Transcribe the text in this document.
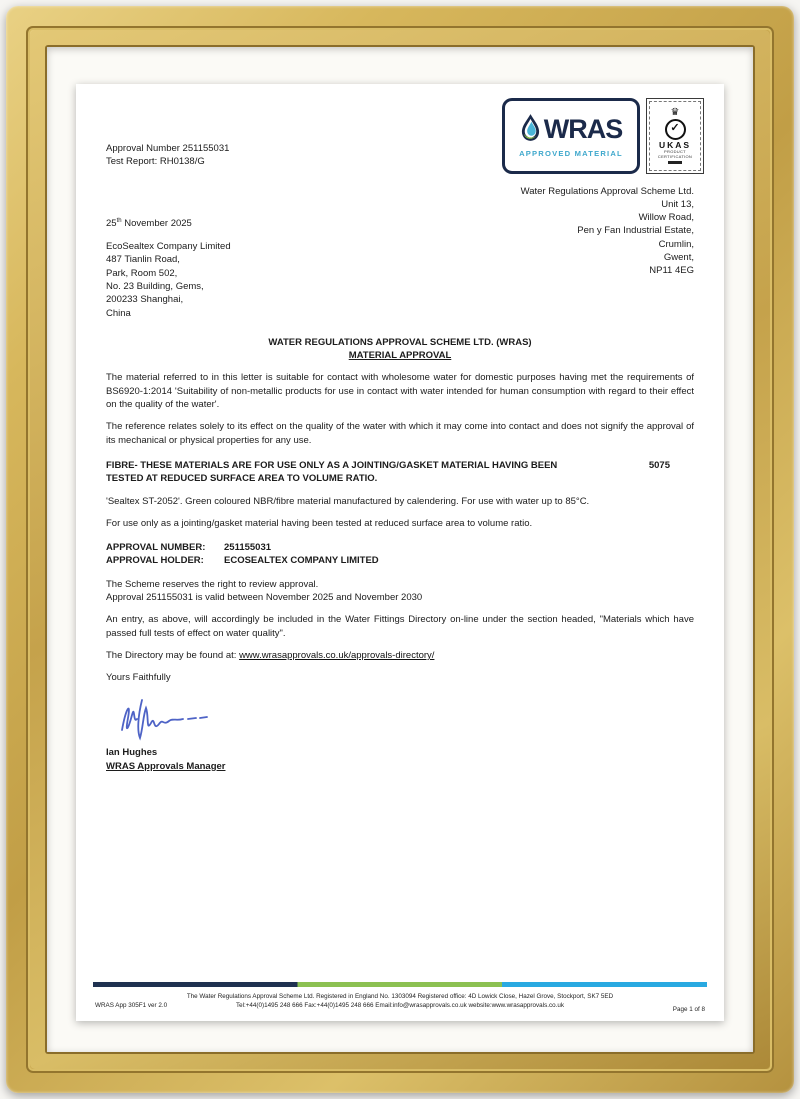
WRAS
APPROVED MATERIAL
♛
✓
UKAS
PRODUCT CERTIFICATION
Approval Number 251155031
Test Report: RH0138/G
25th November 2025
EcoSealtex Company Limited
487 Tianlin Road,
Park, Room 502,
No. 23 Building, Gems,
200233 Shanghai,
China
Water Regulations Approval Scheme Ltd.
Unit 13,
Willow Road,
Pen y Fan Industrial Estate,
Crumlin,
Gwent,
NP11 4EG
WATER REGULATIONS APPROVAL SCHEME LTD. (WRAS)
MATERIAL APPROVAL

The material referred to in this letter is suitable for contact with wholesome water for domestic purposes having met the requirements of BS6920-1:2014 'Suitability of non-metallic products for use in contact with water intended for human consumption with regard to their effect on the quality of the water'.

The reference relates solely to its effect on the quality of the water with which it may come into contact and does not signify the approval of its mechanical or physical properties for any use.

FIBRE- THESE MATERIALS ARE FOR USE ONLY AS A JOINTING/GASKET MATERIAL HAVING BEEN TESTED AT REDUCED SURFACE AREA TO VOLUME RATIO.
5075

'Sealtex ST-2052'. Green coloured NBR/fibre material manufactured by calendering. For use with water up to 85°C.

For use only as a jointing/gasket material having been tested at reduced surface area to volume ratio.

APPROVAL NUMBER:	251155031
APPROVAL HOLDER:	ECOSEALTEX COMPANY LIMITED

The Scheme reserves the right to review approval.
Approval 251155031 is valid between November 2025 and November 2030

An entry, as above, will accordingly be included in the Water Fittings Directory on-line under the section headed, "Materials which have passed full tests of effect on water quality".

The Directory may be found at: www.wrasapprovals.co.uk/approvals-directory/

Yours Faithfully

Ian Hughes
WRAS Approvals Manager
WRAS App 305F1 ver 2.0
The Water Regulations Approval Scheme Ltd. Registered in England No. 1303094 Registered office: 4D Lowick Close, Hazel Grove, Stockport, SK7 5ED
Tel:+44(0)1495 248 666 Fax:+44(0)1495 248 666 Email:info@wrasapprovals.co.uk website:www.wrasapprovals.co.uk
Page 1 of 8
